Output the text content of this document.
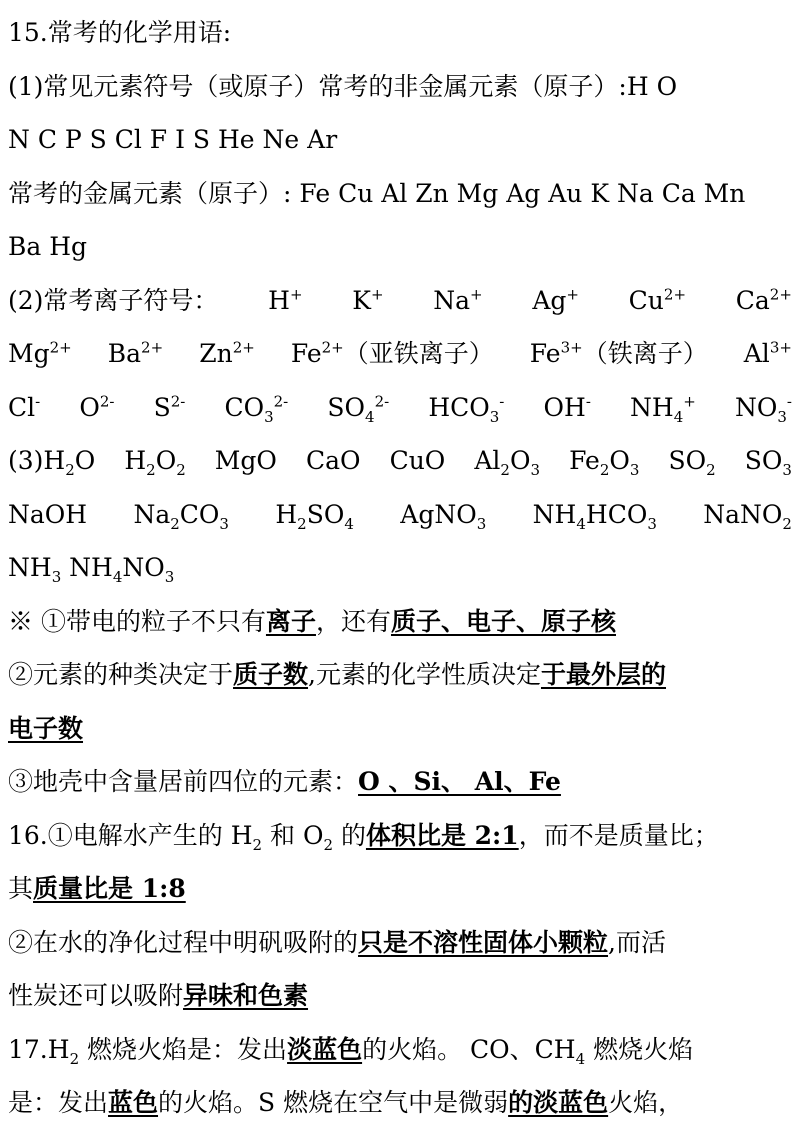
15.常考的化学用语:
(1)常见元素符号（或原子）常考的非金属元素（原子）:H O
N C P S Cl F I S He Ne Ar
常考的金属元素（原子）: Fe Cu Al Zn Mg Ag Au K Na Ca Mn
Ba Hg
(2)常考离子符号： H+ K+ Na+ Ag+ $Cu^{2+}$ $Ca^{2+}$
$Mg^{2+}$ $Ba^{2+}$ $Zn^{2+}$ $Fe^{2+}$（亚铁离子） $Fe^{3+}$（铁离子） $Al^{3+}$
Cl- $O^{2-}$ $S^{2-}$ $CO_3^{2-}$ $SO_4^{2-}$ $HCO_3^-$ OH- $NH_4^+$ $NO_3^-$
$(3)H_2O$ $H_2O_2$ MgO CaO CuO $Al_2O_3$ $Fe_2O_3$ $SO_2$ $SO_3$
NaOH $Na_2CO_3$ $H_2SO_4$ AgNO$_3$ $NH_4HCO_3$ NaNO$_2$
$NH_3$ $NH_4NO_3$
※ ①带电的粒子不只有离子，还有质子、电子、原子核
②元素的种类决定于质子数,元素的化学性质决定于最外层的
电子数
③地壳中含量居前四位的元素：O 、Si、 Al、Fe
16.①电解水产生的 $H_2$ 和 $O_2$ 的体积比是 2:1，而不是质量比；
其质量比是 1:8
②在水的净化过程中明矾吸附的只是不溶性固体小颗粒,而活
性炭还可以吸附异味和色素
$17.H_2$ 燃烧火焰是：发出淡蓝色的火焰。 CO、$CH_4$ 燃烧火焰
是：发出蓝色的火焰。S 燃烧在空气中是微弱的淡蓝色火焰，
